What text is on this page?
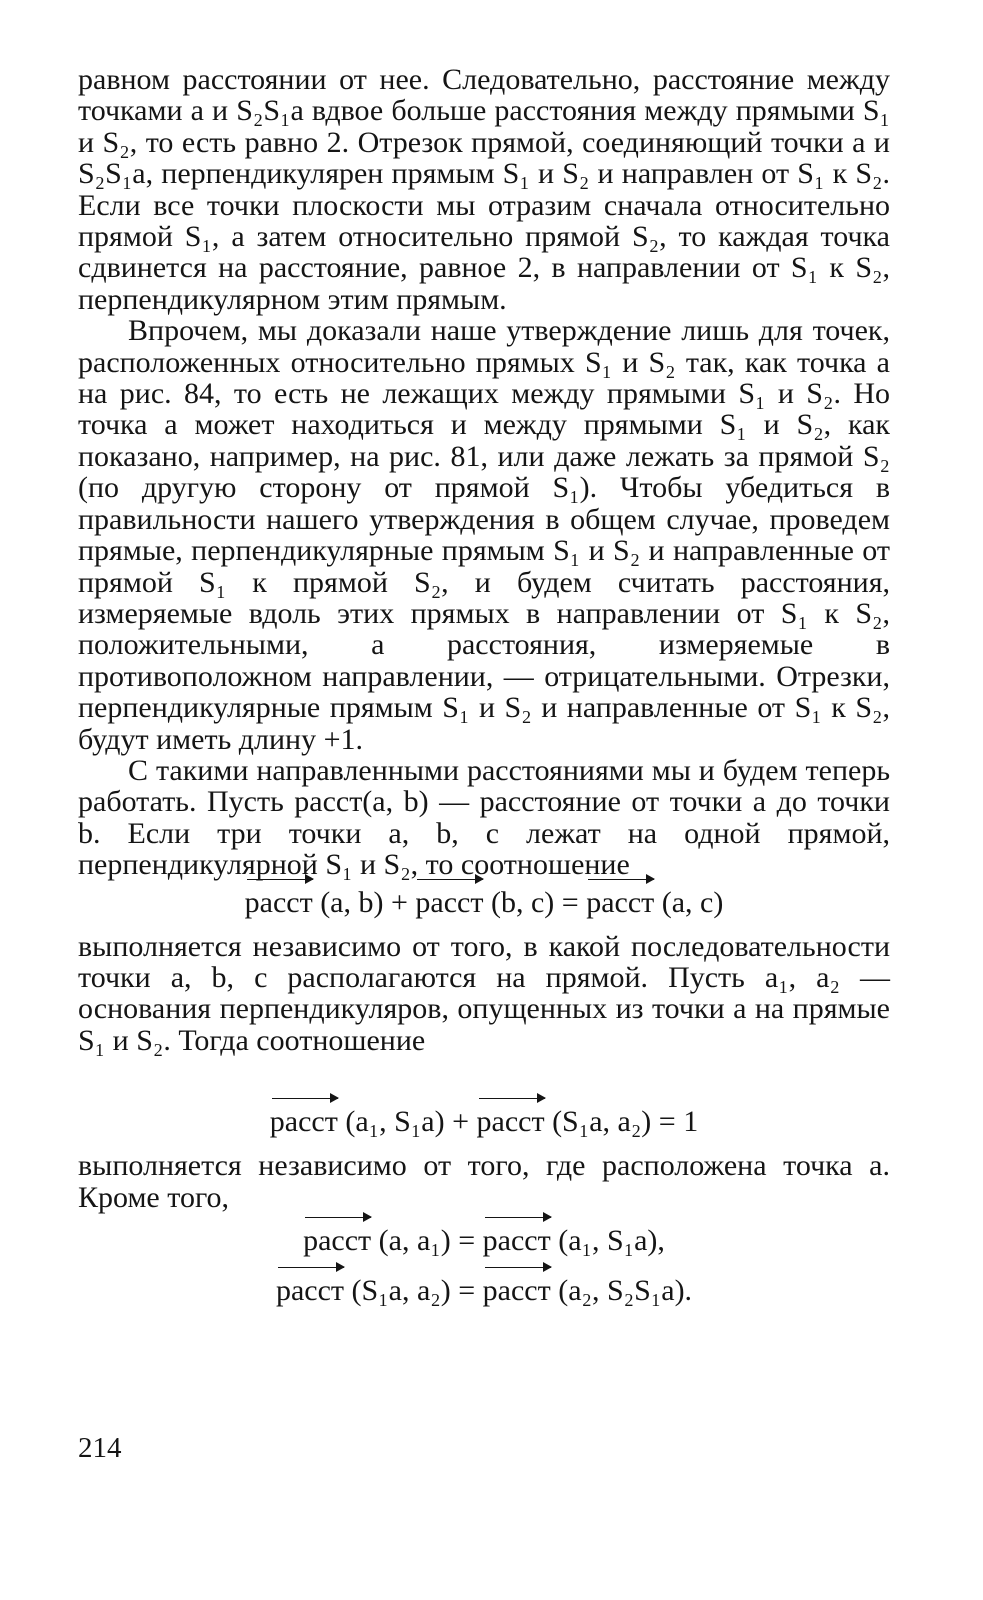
равном расстоянии от нее. Следовательно, расстояние между точками a и S₂S₁a вдвое больше расстояния между прямыми S₁ и S₂, то есть равно 2. Отрезок прямой, соединяющий точки a и S₂S₁a, перпендикулярен прямым S₁ и S₂ и направлен от S₁ к S₂. Если все точки плоскости мы отразим сначала относительно прямой S₁, а затем относительно прямой S₂, то каждая точка сдвинется на расстояние, равное 2, в направлении от S₁ к S₂, перпендикулярном этим прямым.

Впрочем, мы доказали наше утверждение лишь для точек, расположенных относительно прямых S₁ и S₂ так, как точка a на рис. 84, то есть не лежащих между прямыми S₁ и S₂. Но точка a может находиться и между прямыми S₁ и S₂, как показано, например, на рис. 81, или даже лежать за прямой S₂ (по другую сторону от прямой S₁). Чтобы убедиться в правильности нашего утверждения в общем случае, проведем прямые, перпендикулярные прямым S₁ и S₂ и направленные от прямой S₁ к прямой S₂, и будем считать расстояния, измеряемые вдоль этих прямых в направлении от S₁ к S₂, положительными, а расстояния, измеряемые в противоположном направлении, — отрицательными. Отрезки, перпендикулярные прямым S₁ и S₂ и направленные от S₁ к S₂, будут иметь длину +1.

С такими направленными расстояниями мы и будем теперь работать. Пусть расст(a, b) — расстояние от точки a до точки b. Если три точки a, b, c лежат на одной прямой, перпендикулярной S₁ и S₂, то соотношение

расст (a, b) + расст (b, c) = расст (a, c)

выполняется независимо от того, в какой последовательности точки a, b, c располагаются на прямой. Пусть a₁, a₂ — основания перпендикуляров, опущенных из точки a на прямые S₁ и S₂. Тогда соотношение

расст (a₁, S₁a) + расст (S₁a, a₂) = 1

выполняется независимо от того, где расположена точка a. Кроме того,

расст (a, a₁) = расст (a₁, S₁a),
расст (S₁a, a₂) = расст (a₂, S₂S₁a).
214
